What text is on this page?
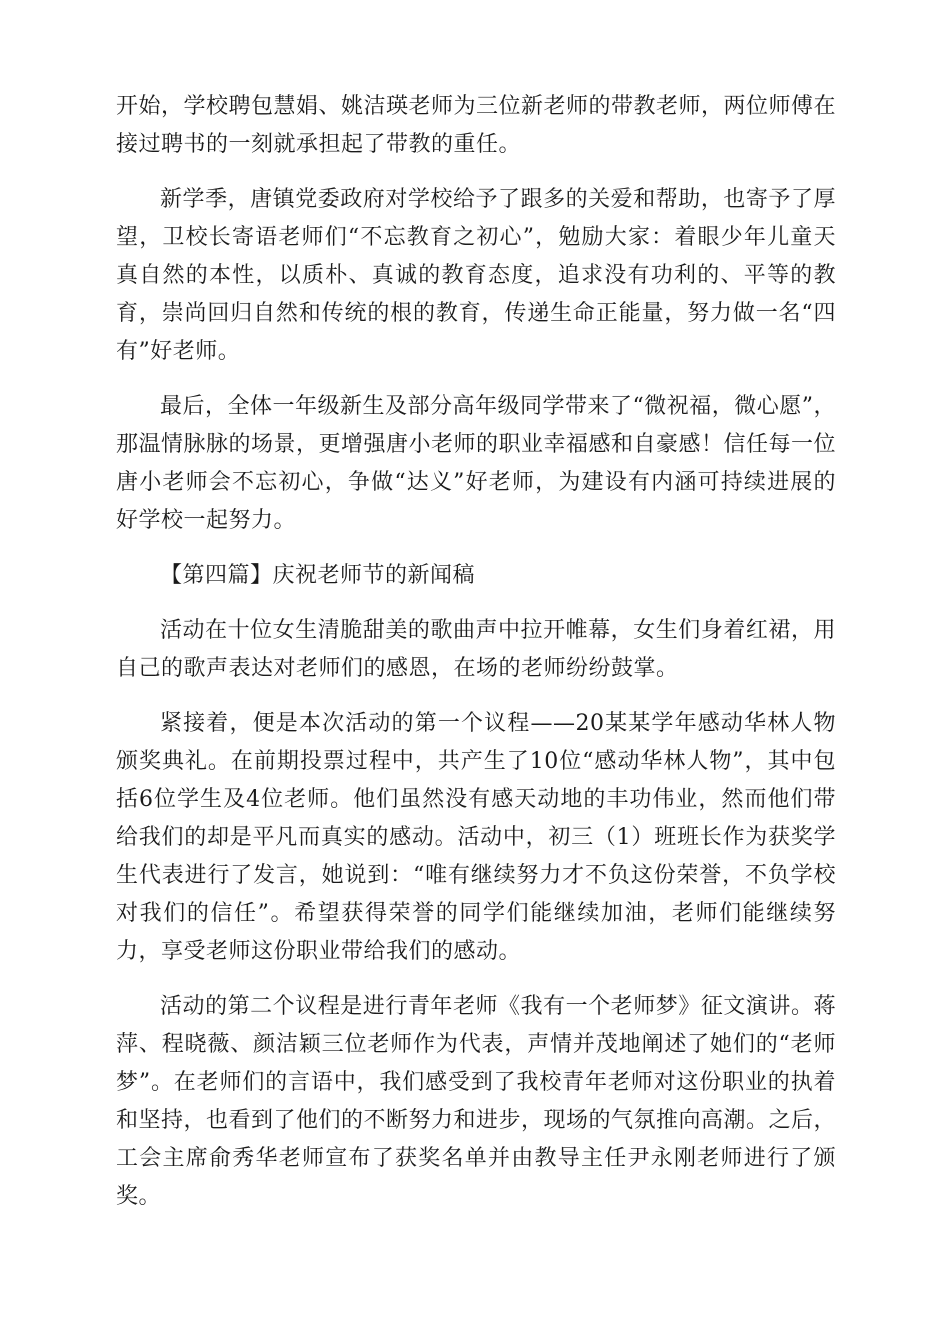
开始，学校聘包慧娟、姚洁瑛老师为三位新老师的带教老师，两位师傅在接过聘书的一刻就承担起了带教的重任。

新学季，唐镇党委政府对学校给予了跟多的关爱和帮助，也寄予了厚望，卫校长寄语老师们“不忘教育之初心”，勉励大家：着眼少年儿童天真自然的本性，以质朴、真诚的教育态度，追求没有功利的、平等的教育，崇尚回归自然和传统的根的教育，传递生命正能量，努力做一名“四有”好老师。

最后，全体一年级新生及部分高年级同学带来了“微祝福，微心愿”，那温情脉脉的场景，更增强唐小老师的职业幸福感和自豪感！信任每一位唐小老师会不忘初心，争做“达义”好老师，为建设有内涵可持续进展的好学校一起努力。

【第四篇】庆祝老师节的新闻稿

活动在十位女生清脆甜美的歌曲声中拉开帷幕，女生们身着红裙，用自己的歌声表达对老师们的感恩，在场的老师纷纷鼓掌。

紧接着，便是本次活动的第一个议程——20某某学年感动华林人物颁奖典礼。在前期投票过程中，共产生了10位“感动华林人物”，其中包括6位学生及4位老师。他们虽然没有感天动地的丰功伟业，然而他们带给我们的却是平凡而真实的感动。活动中，初三（1）班班长作为获奖学生代表进行了发言，她说到：“唯有继续努力才不负这份荣誉，不负学校对我们的信任”。希望获得荣誉的同学们能继续加油，老师们能继续努力，享受老师这份职业带给我们的感动。

活动的第二个议程是进行青年老师《我有一个老师梦》征文演讲。蒋萍、程晓薇、颜洁颖三位老师作为代表，声情并茂地阐述了她们的“老师梦”。在老师们的言语中，我们感受到了我校青年老师对这份职业的执着和坚持，也看到了他们的不断努力和进步，现场的气氛推向高潮。之后，工会主席俞秀华老师宣布了获奖名单并由教导主任尹永刚老师进行了颁奖。
